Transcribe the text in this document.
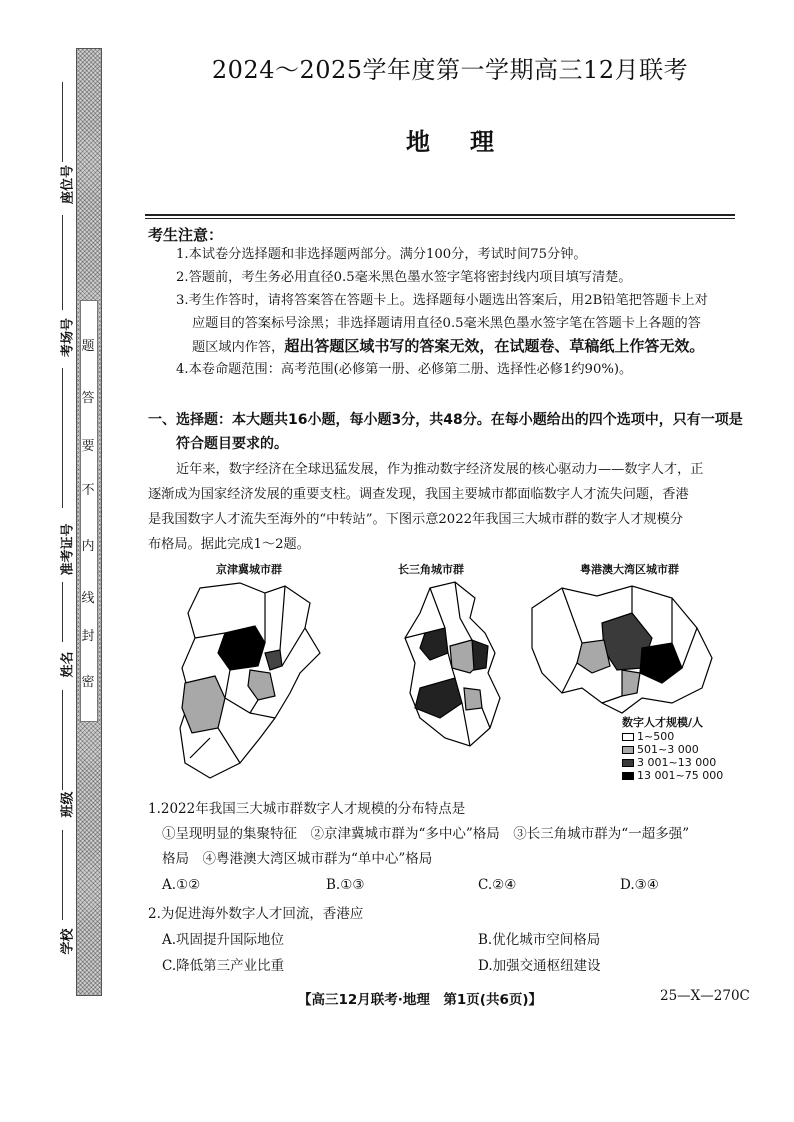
题
答
要
不
内
线
封
密
座位号
考场号
准考证号
姓名
班级
学校
2024～2025学年度第一学期高三12月联考
地理
考生注意：
1.本试卷分选择题和非选择题两部分。满分100分，考试时间75分钟。
2.答题前，考生务必用直径0.5毫米黑色墨水签字笔将密封线内项目填写清楚。
3.考生作答时，请将答案答在答题卡上。选择题每小题选出答案后，用2B铅笔把答题卡上对
应题目的答案标号涂黑；非选择题请用直径0.5毫米黑色墨水签字笔在答题卡上各题的答
题区域内作答，超出答题区域书写的答案无效，在试题卷、草稿纸上作答无效。
4.本卷命题范围：高考范围(必修第一册、必修第二册、选择性必修1约90%)。
一、选择题：本大题共16小题，每小题3分，共48分。在每小题给出的四个选项中，只有一项是
符合题目要求的。
近年来，数字经济在全球迅猛发展，作为推动数字经济发展的核心驱动力——数字人才，正
逐渐成为国家经济发展的重要支柱。调查发现，我国主要城市都面临数字人才流失问题，香港
是我国数字人才流失至海外的“中转站”。下图示意2022年我国三大城市群的数字人才规模分
布格局。据此完成1～2题。
京津冀城市群	长三角城市群	粤港澳大湾区城市群
数字人才规模/人
1~500
501~3 000
3 001~13 000
13 001~75 000
1.2022年我国三大城市群数字人才规模的分布特点是
①呈现明显的集聚特征　②京津冀城市群为“多中心”格局　③长三角城市群为“一超多强”
格局　④粤港澳大湾区城市群为“单中心”格局
A.①②	B.①③	C.②④	D.③④
2.为促进海外数字人才回流，香港应
A.巩固提升国际地位	B.优化城市空间格局
C.降低第三产业比重	D.加强交通枢纽建设
【高三12月联考·地理　第1页(共6页)】	25—X—270C
